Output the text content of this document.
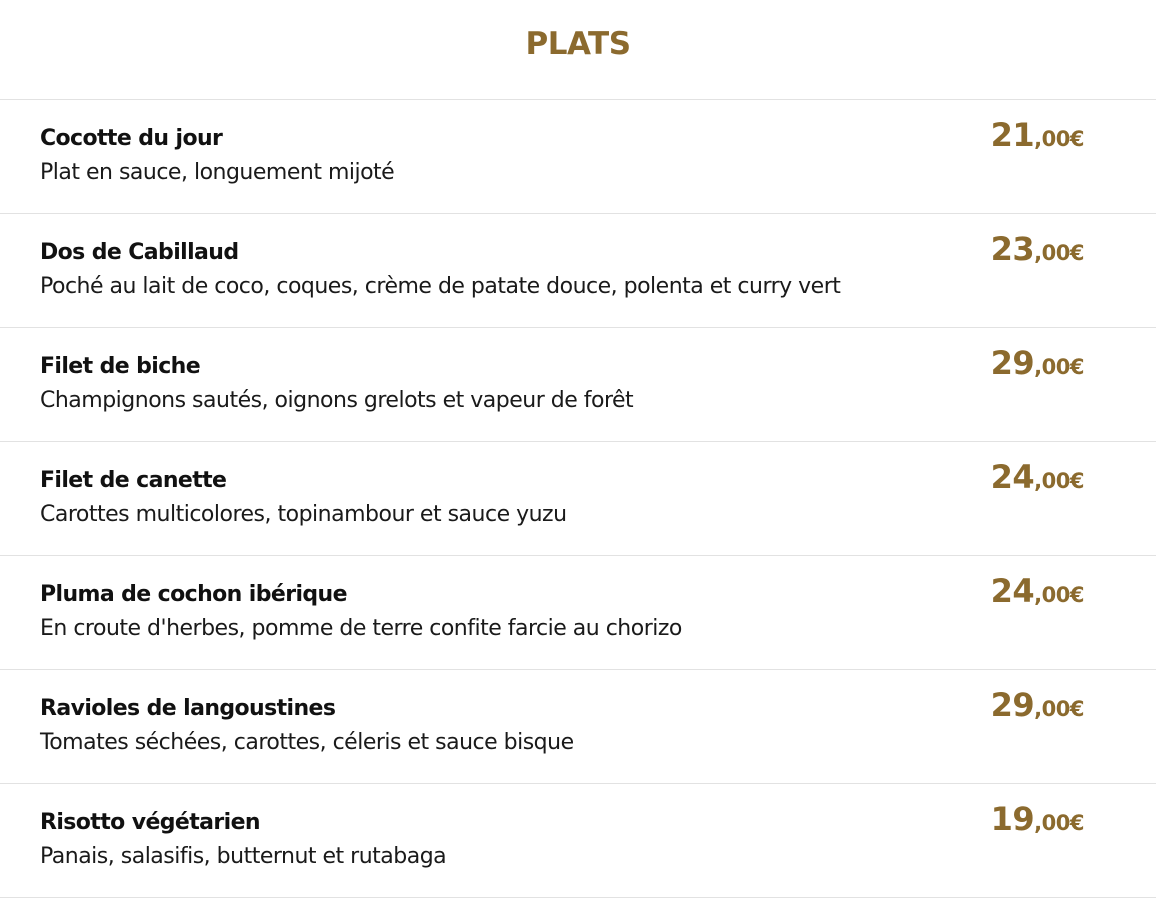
PLATS
Cocotte du jour
Plat en sauce, longuement mijoté
21,00€
Dos de Cabillaud
Poché au lait de coco, coques, crème de patate douce, polenta et curry vert
23,00€
Filet de biche
Champignons sautés, oignons grelots et vapeur de forêt
29,00€
Filet de canette
Carottes multicolores, topinambour et sauce yuzu
24,00€
Pluma de cochon ibérique
En croute d'herbes, pomme de terre confite farcie au chorizo
24,00€
Ravioles de langoustines
Tomates séchées, carottes, céleris et sauce bisque
29,00€
Risotto végétarien
Panais, salasifis, butternut et rutabaga
19,00€
